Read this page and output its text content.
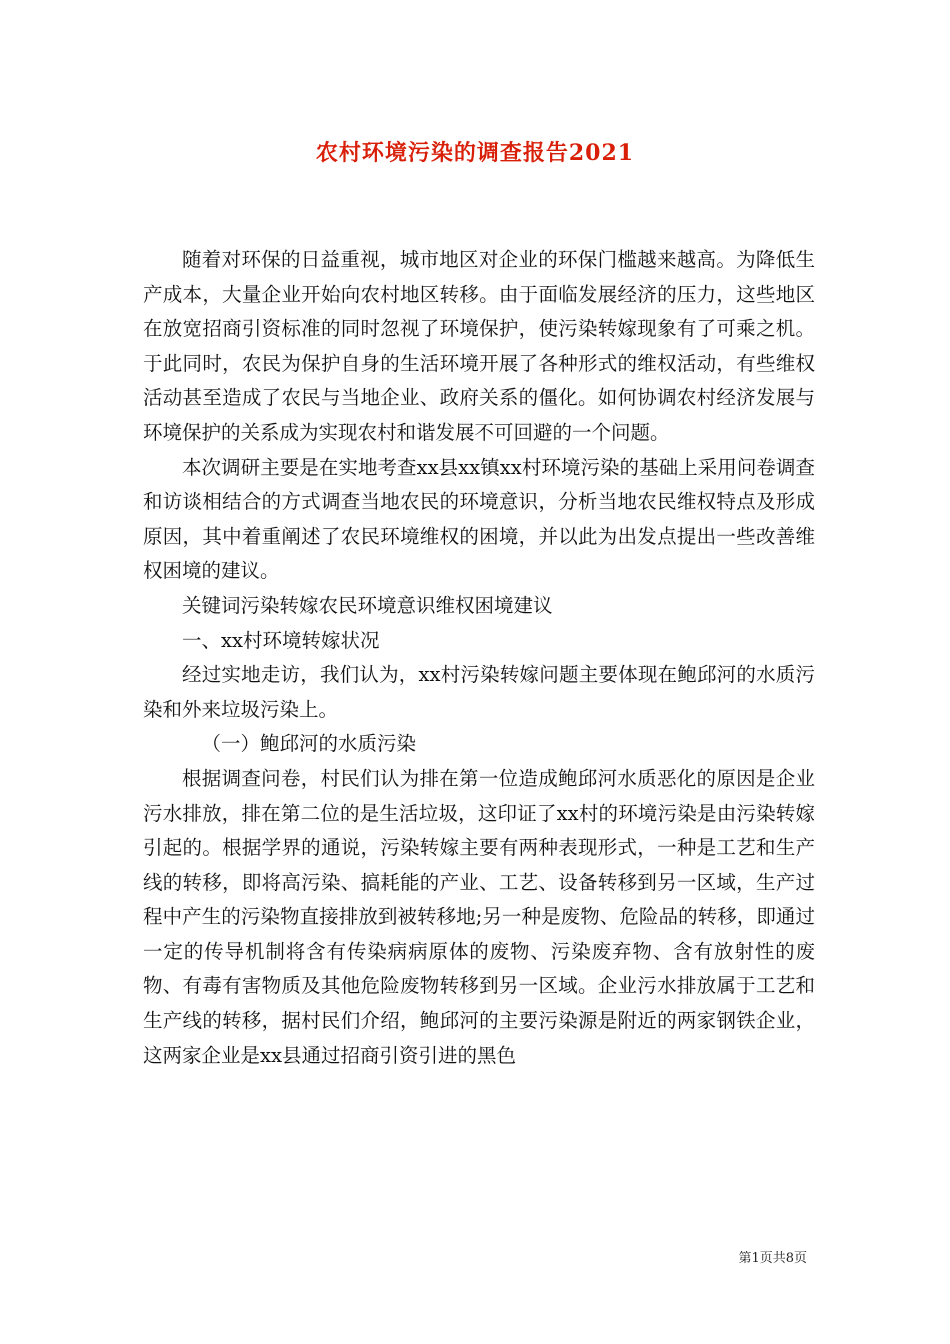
农村环境污染的调查报告2021

随着对环保的日益重视，城市地区对企业的环保门槛越来越高。为降低生产成本，大量企业开始向农村地区转移。由于面临发展经济的压力，这些地区在放宽招商引资标准的同时忽视了环境保护，使污染转嫁现象有了可乘之机。于此同时，农民为保护自身的生活环境开展了各种形式的维权活动，有些维权活动甚至造成了农民与当地企业、政府关系的僵化。如何协调农村经济发展与环境保护的关系成为实现农村和谐发展不可回避的一个问题。

本次调研主要是在实地考查xx县xx镇xx村环境污染的基础上采用问卷调查和访谈相结合的方式调查当地农民的环境意识，分析当地农民维权特点及形成原因，其中着重阐述了农民环境维权的困境，并以此为出发点提出一些改善维权困境的建议。

关键词污染转嫁农民环境意识维权困境建议

一、xx村环境转嫁状况

经过实地走访，我们认为，xx村污染转嫁问题主要体现在鲍邱河的水质污染和外来垃圾污染上。

（一）鲍邱河的水质污染

根据调查问卷，村民们认为排在第一位造成鲍邱河水质恶化的原因是企业污水排放，排在第二位的是生活垃圾，这印证了xx村的环境污染是由污染转嫁引起的。根据学界的通说，污染转嫁主要有两种表现形式，一种是工艺和生产线的转移，即将高污染、搞耗能的产业、工艺、设备转移到另一区域，生产过程中产生的污染物直接排放到被转移地;另一种是废物、危险品的转移，即通过一定的传导机制将含有传染病病原体的废物、污染废弃物、含有放射性的废物、有毒有害物质及其他危险废物转移到另一区域。企业污水排放属于工艺和生产线的转移，据村民们介绍，鲍邱河的主要污染源是附近的两家钢铁企业，这两家企业是xx县通过招商引资引进的黑色

第1页共8页
